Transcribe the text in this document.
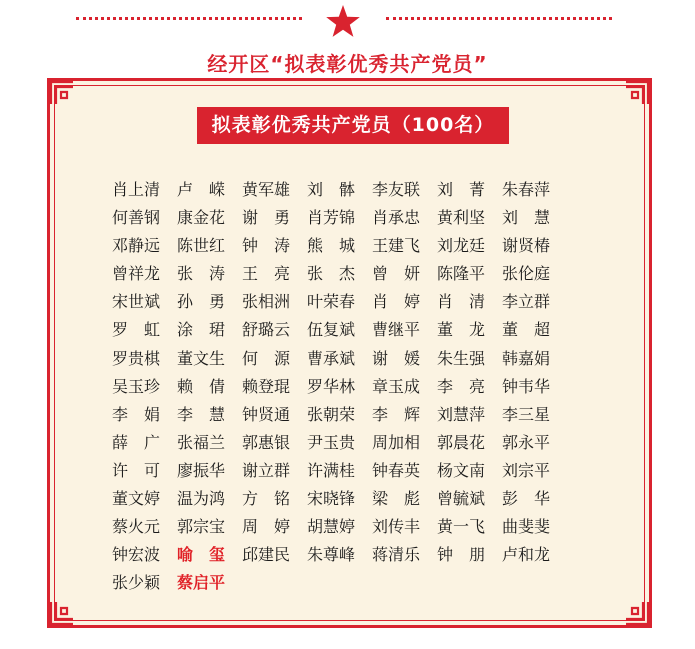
经开区“拟表彰优秀共产党员”
拟表彰优秀共产党员（100名）
肖上清	卢　嵘	黄军雄	刘　骵	李友联	刘　菁	朱春萍
何善钢	康金花	谢　勇	肖芳锦	肖承忠	黄利坚	刘　慧
邓静远	陈世红	钟　涛	熊　城	王建飞	刘龙廷	谢贤椿
曾祥龙	张　涛	王　亮	张　杰	曾　妍	陈隆平	张伦庭
宋世斌	孙　勇	张相洲	叶荣春	肖　婷	肖　清	李立群
罗　虹	涂　珺	舒璐云	伍复斌	曹继平	董　龙	董　超
罗贵棋	董文生	何　源	曹承斌	谢　媛	朱生强	韩嘉娟
吴玉珍	赖　倩	赖登琨	罗华林	章玉成	李　亮	钟韦华
李　娟	李　慧	钟贤通	张朝荣	李　辉	刘慧萍	李三星
薛　广	张福兰	郭惠银	尹玉贵	周加相	郭晨花	郭永平
许　可	廖振华	谢立群	许满桂	钟春英	杨文南	刘宗平
董文婷	温为鸿	方　铭	宋晓锋	梁　彪	曾毓斌	彭　华
蔡火元	郭宗宝	周　婷	胡慧婷	刘传丰	黄一飞	曲斐斐
钟宏波	喻　玺	邱建民	朱尊峰	蒋清乐	钟　朋	卢和龙
张少颖	蔡启平
